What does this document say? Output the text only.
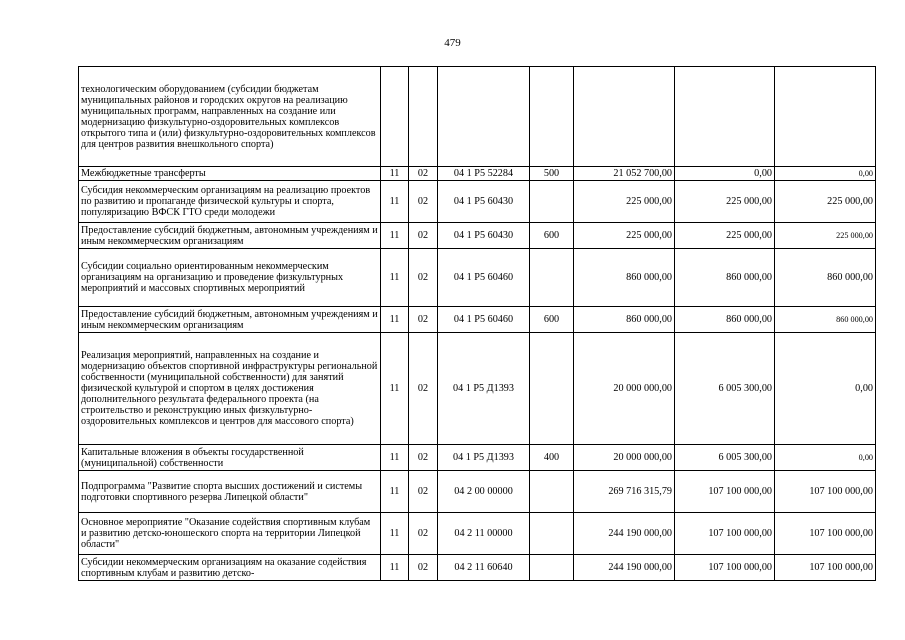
479
технологическим оборудованием (субсидии бюджетам муниципальных районов и городских округов на реализацию муниципальных программ, направленных на создание или модернизацию физкультурно-оздоровительных комплексов открытого типа и (или) физкультурно-оздоровительных комплексов для центров развития внешкольного спорта)							
Межбюджетные трансферты	11	02	04 1 P5 52284	500	21 052 700,00	0,00	0,00
Субсидия некоммерческим организациям на реализацию проектов по развитию и пропаганде физической культуры и спорта, популяризацию ВФСК ГТО среди молодежи	11	02	04 1 P5 60430		225 000,00	225 000,00	225 000,00
Предоставление субсидий бюджетным, автономным учреждениям и иным некоммерческим организациям	11	02	04 1 P5 60430	600	225 000,00	225 000,00	225 000,00
Субсидии социально ориентированным некоммерческим организациям на организацию и проведение физкультурных мероприятий и массовых спортивных мероприятий	11	02	04 1 P5 60460		860 000,00	860 000,00	860 000,00
Предоставление субсидий бюджетным, автономным учреждениям и иным некоммерческим организациям	11	02	04 1 P5 60460	600	860 000,00	860 000,00	860 000,00
Реализация мероприятий, направленных на создание и модернизацию объектов спортивной инфраструктуры региональной собственности (муниципальной собственности) для занятий физической культурой и спортом в целях достижения дополнительного результата федерального проекта (на строительство и реконструкцию иных физкультурно-оздоровительных комплексов и центров для массового спорта)	11	02	04 1 P5 Д1393		20 000 000,00	6 005 300,00	0,00
Капитальные вложения в объекты государственной (муниципальной) собственности	11	02	04 1 P5 Д1393	400	20 000 000,00	6 005 300,00	0,00
Подпрограмма "Развитие спорта высших достижений и системы подготовки спортивного резерва Липецкой области"	11	02	04 2 00 00000		269 716 315,79	107 100 000,00	107 100 000,00
Основное мероприятие "Оказание содействия спортивным клубам и развитию детско-юношеского спорта на территории Липецкой области"	11	02	04 2 11 00000		244 190 000,00	107 100 000,00	107 100 000,00
Субсидии некоммерческим организациям на оказание содействия спортивным клубам и развитию детско-	11	02	04 2 11 60640		244 190 000,00	107 100 000,00	107 100 000,00
